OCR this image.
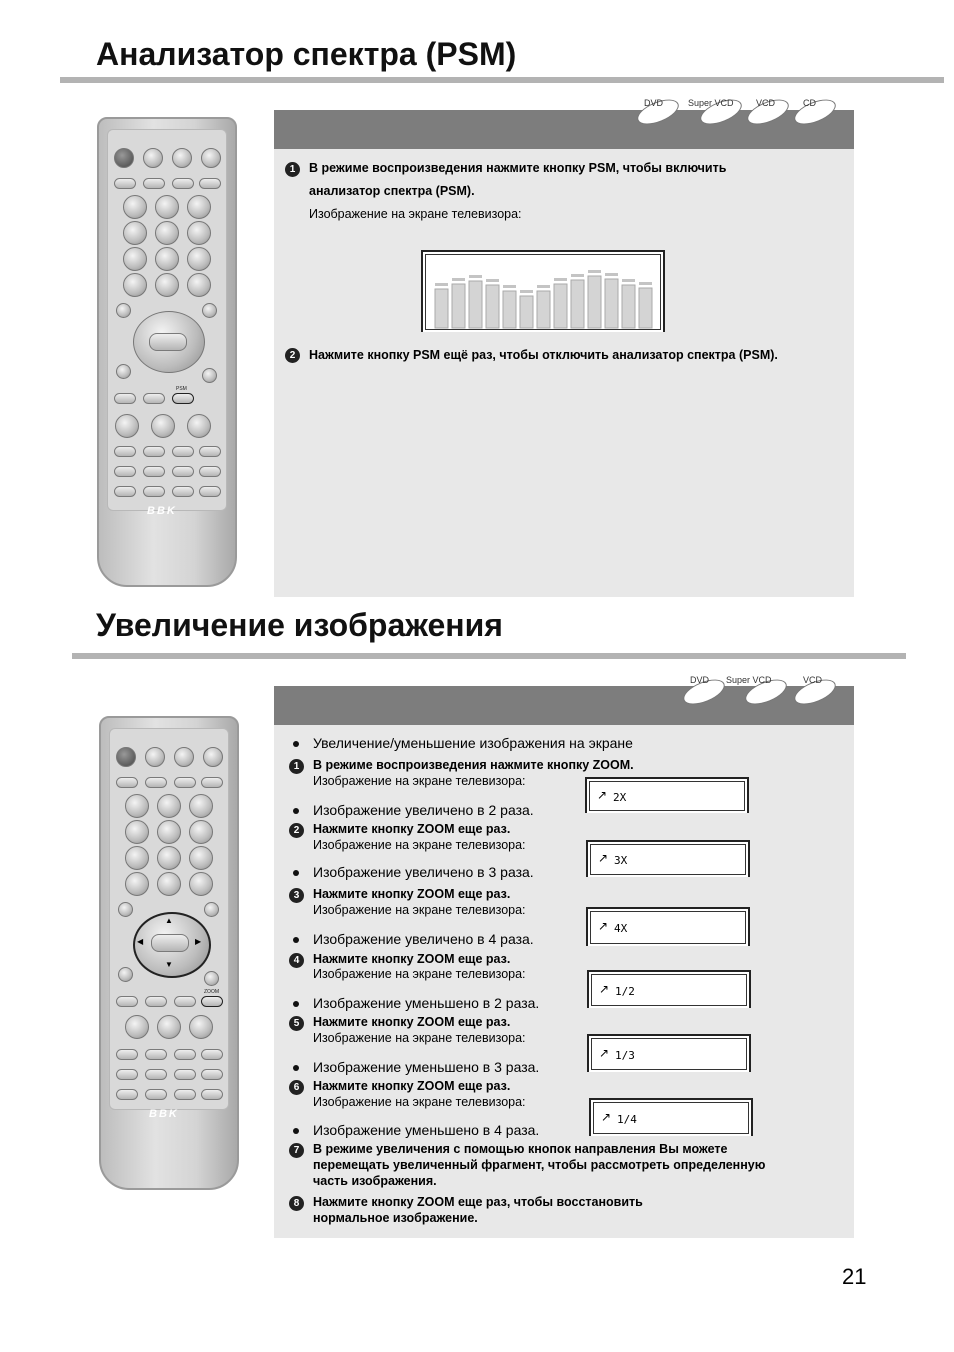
Анализатор спектра (PSM)
PSM
BBK
DVD	Super VCD VCD	CD
1	В режиме воспроизведения нажмите кнопку PSM, чтобы включить
анализатор спектра (PSM).
Изображение на экране телевизора:
2	Нажмите кнопку PSM ещё раз, чтобы отключить анализатор спектра (PSM).
Увеличение изображения
▲
▼
◀	▶
ZOOM
BBK
DVD Super VCD	VCD
Увеличение/уменьшение изображения на экране
1	В режиме воспроизведения нажмите кнопку ZOOM.
Изображение на экране телевизора:
Изображение увеличено в 2 раза.
2X
↗
2	Нажмите кнопку ZOOM еще раз.
Изображение на экране телевизора:
Изображение увеличено в 3 раза.
3X
↗
3	Нажмите кнопку ZOOM еще раз.
Изображение на экране телевизора:
Изображение увеличено в 4 раза.
4X
↗
4	Нажмите кнопку ZOOM еще раз.
Изображение на экране телевизора:
Изображение уменьшено в 2 раза.
1/2
↗
5	Нажмите кнопку ZOOM еще раз.
Изображение на экране телевизора:
Изображение уменьшено в 3 раза.
1/3
↗
6	Нажмите кнопку ZOOM еще раз.
Изображение на экране телевизора:
Изображение уменьшено в 4 раза.
1/4
↗
7	В режиме увеличения с помощью кнопок направления Вы можете
перемещать увеличенный фрагмент, чтобы рассмотреть определенную
часть изображения.
8	Нажмите кнопку ZOOM еще раз, чтобы восстановить
нормальное изображение.
21
